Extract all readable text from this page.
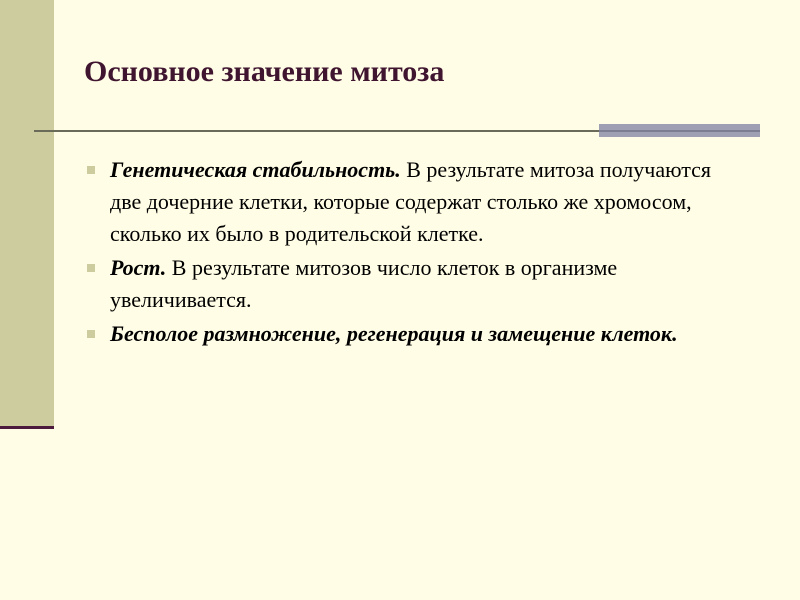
Основное значение митоза
Генетическая стабильность. В результате митоза получаются две дочерние клетки, которые содержат столько же хромосом, сколько их было в родительской клетке.
Рост. В результате митозов число клеток в организме увеличивается.
Бесполое размножение, регенерация и замещение клеток.
